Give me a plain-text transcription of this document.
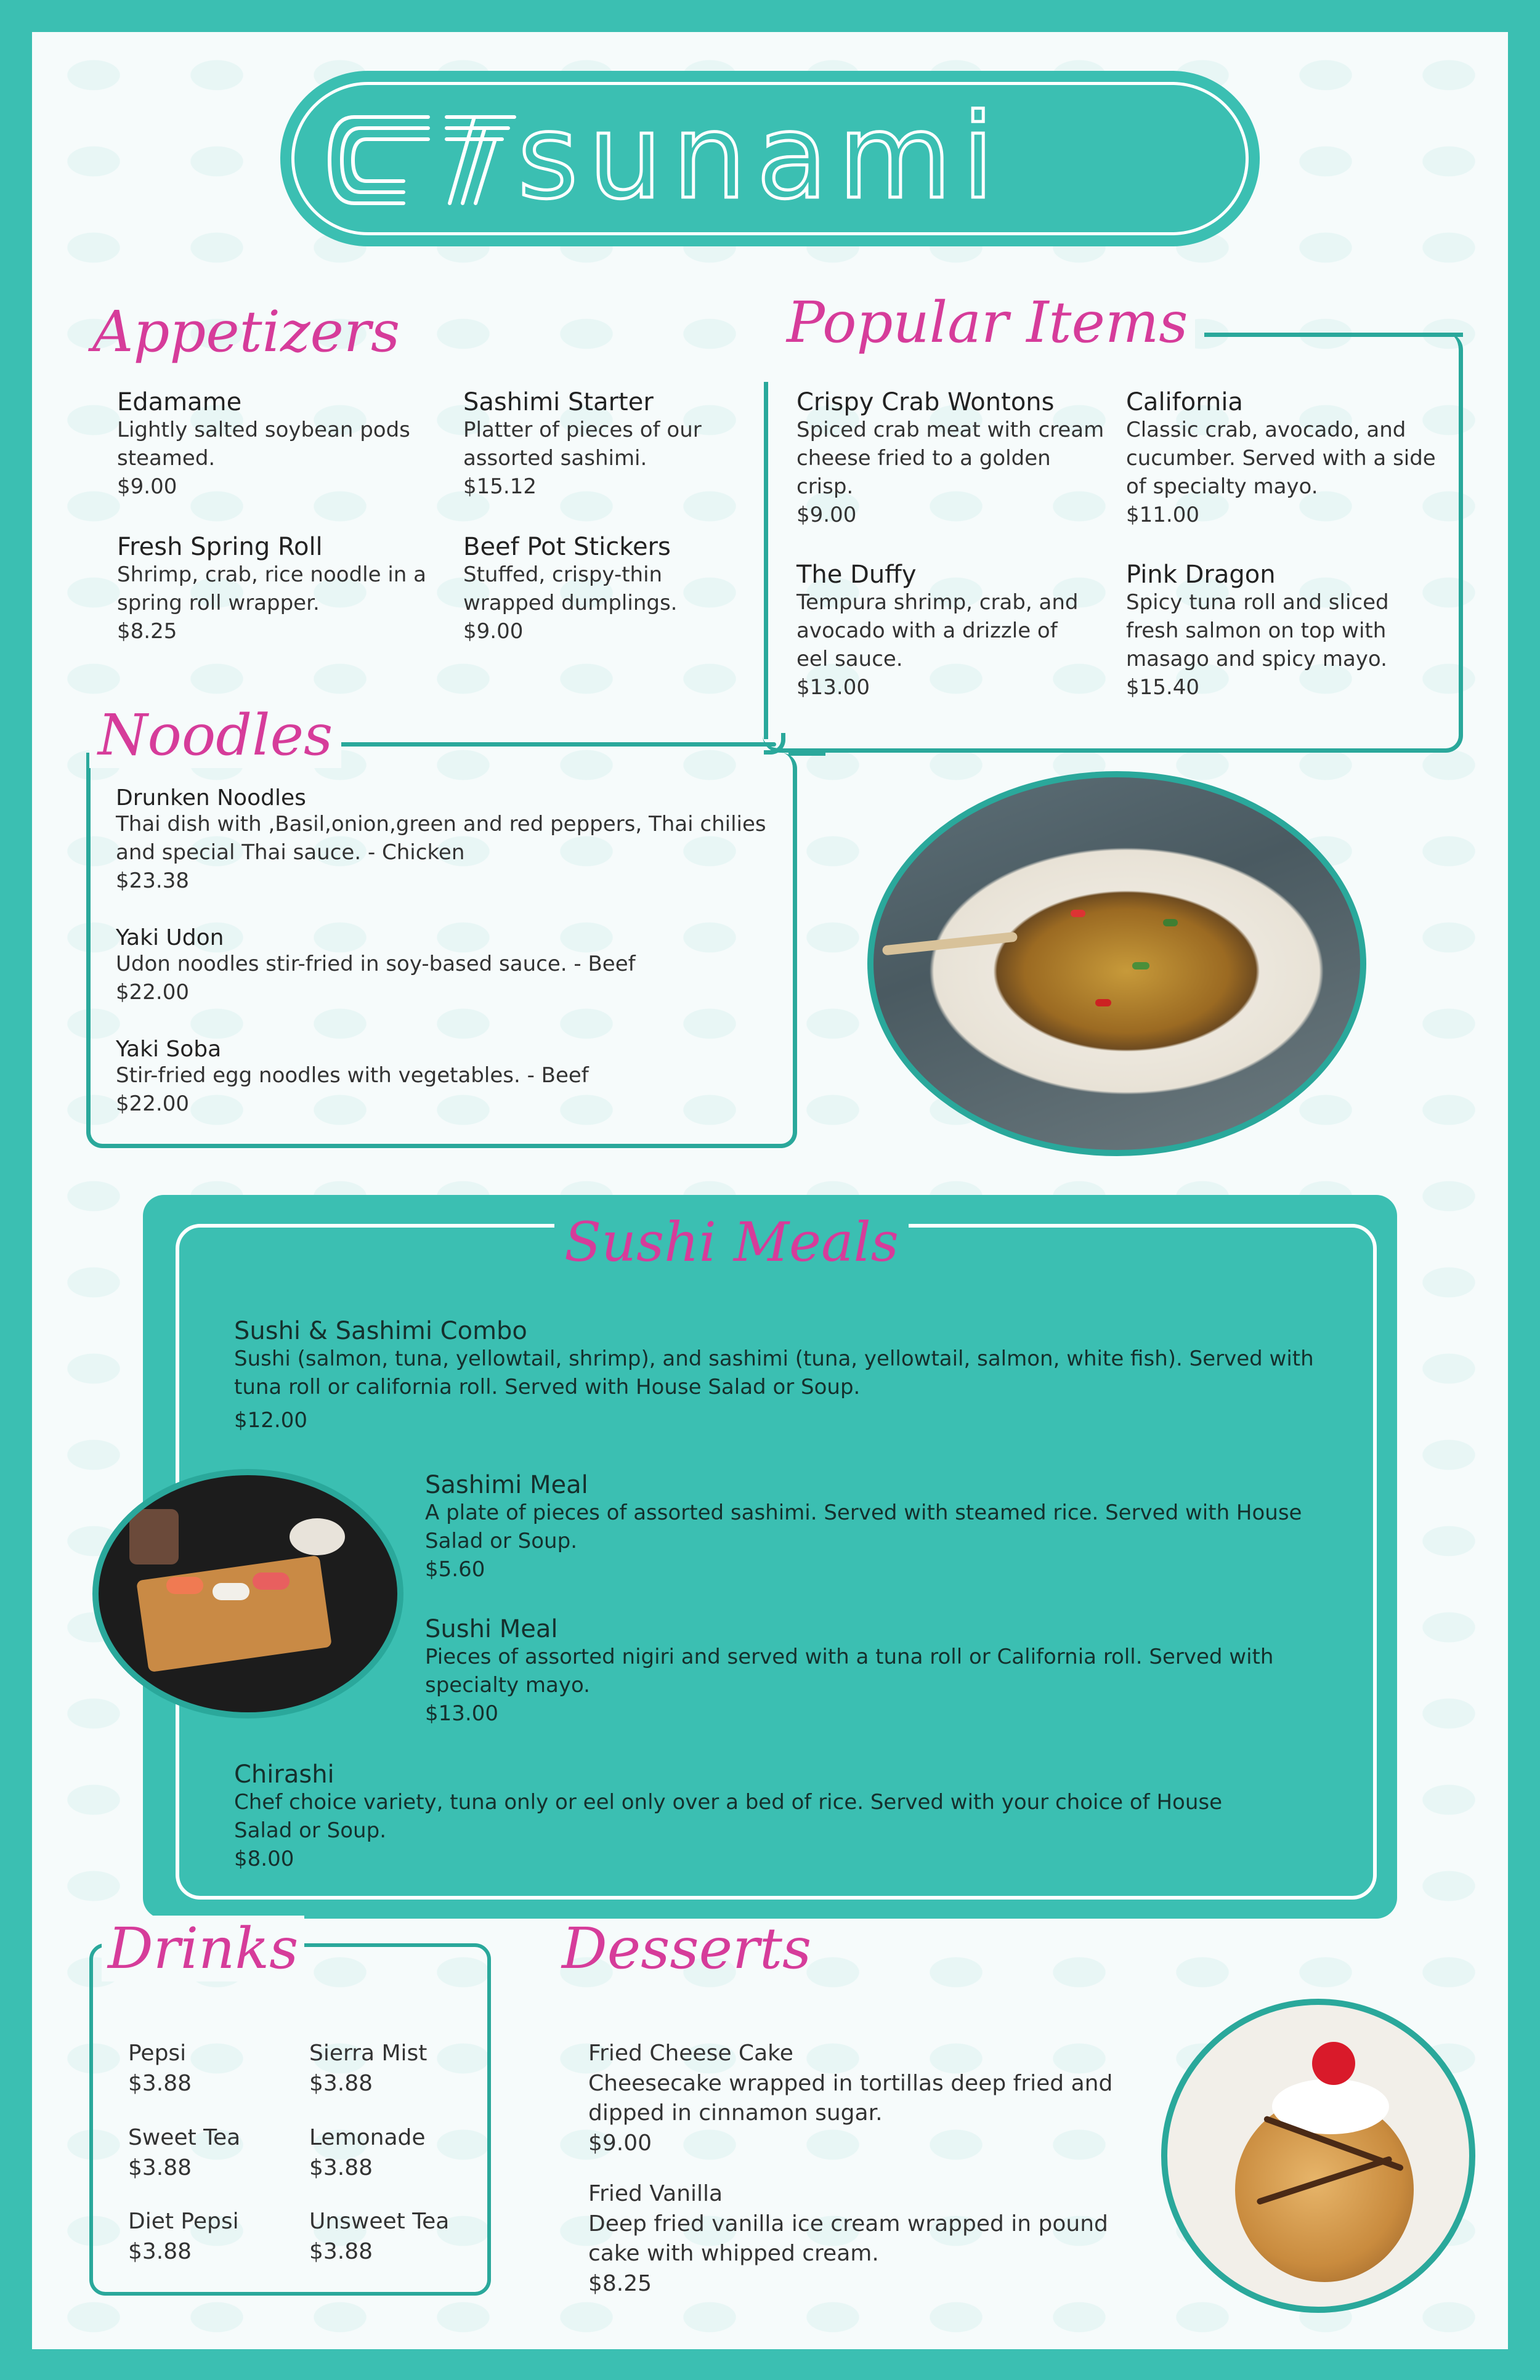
sunami
Appetizers

Edamame

Lightly salted soybean pods steamed.

$9.00

Sashimi Starter

Platter of pieces of our assorted sashimi.

$15.12

Fresh Spring Roll

Shrimp, crab, rice noodle in a spring roll wrapper.

$8.25

Beef Pot Stickers

Stuffed, crispy-thin wrapped dumplings.

$9.00

Popular Items

Crispy Crab Wontons

Spiced crab meat with cream cheese fried to a golden crisp.

$9.00

California

Classic crab, avocado, and cucumber. Served with a side of specialty mayo.

$11.00

The Duffy

Tempura shrimp, crab, and avocado with a drizzle of eel sauce.

$13.00

Pink Dragon

Spicy tuna roll and sliced fresh salmon on top with masago and spicy mayo.

$15.40

Noodles

Drunken Noodles

Thai dish with ,Basil,onion,green and red peppers, Thai chilies and special Thai sauce. - Chicken

$23.38

Yaki Udon

Udon noodles stir-fried in soy-based sauce. - Beef

$22.00

Yaki Soba

Stir-fried egg noodles with vegetables. - Beef

$22.00

Sushi Meals

Sushi & Sashimi Combo

Sushi (salmon, tuna, yellowtail, shrimp), and sashimi (tuna, yellowtail, salmon, white fish). Served with tuna roll or california roll. Served with House Salad or Soup.

$12.00

Sashimi Meal

A plate of pieces of assorted sashimi. Served with steamed rice. Served with House Salad or Soup.

$5.60

Sushi Meal

Pieces of assorted nigiri and served with a tuna roll or California roll. Served with specialty mayo.

$13.00

Chirashi

Chef choice variety, tuna only or eel only over a bed of rice. Served with your choice of House Salad or Soup.

$8.00

Drinks

Pepsi

$3.88

Sierra Mist

$3.88

Sweet Tea

$3.88

Lemonade

$3.88

Diet Pepsi

$3.88

Unsweet Tea

$3.88

Desserts

Fried Cheese Cake

Cheesecake wrapped in tortillas deep fried and dipped in cinnamon sugar.

$9.00

Fried Vanilla

Deep fried vanilla ice cream wrapped in pound cake with whipped cream.

$8.25
